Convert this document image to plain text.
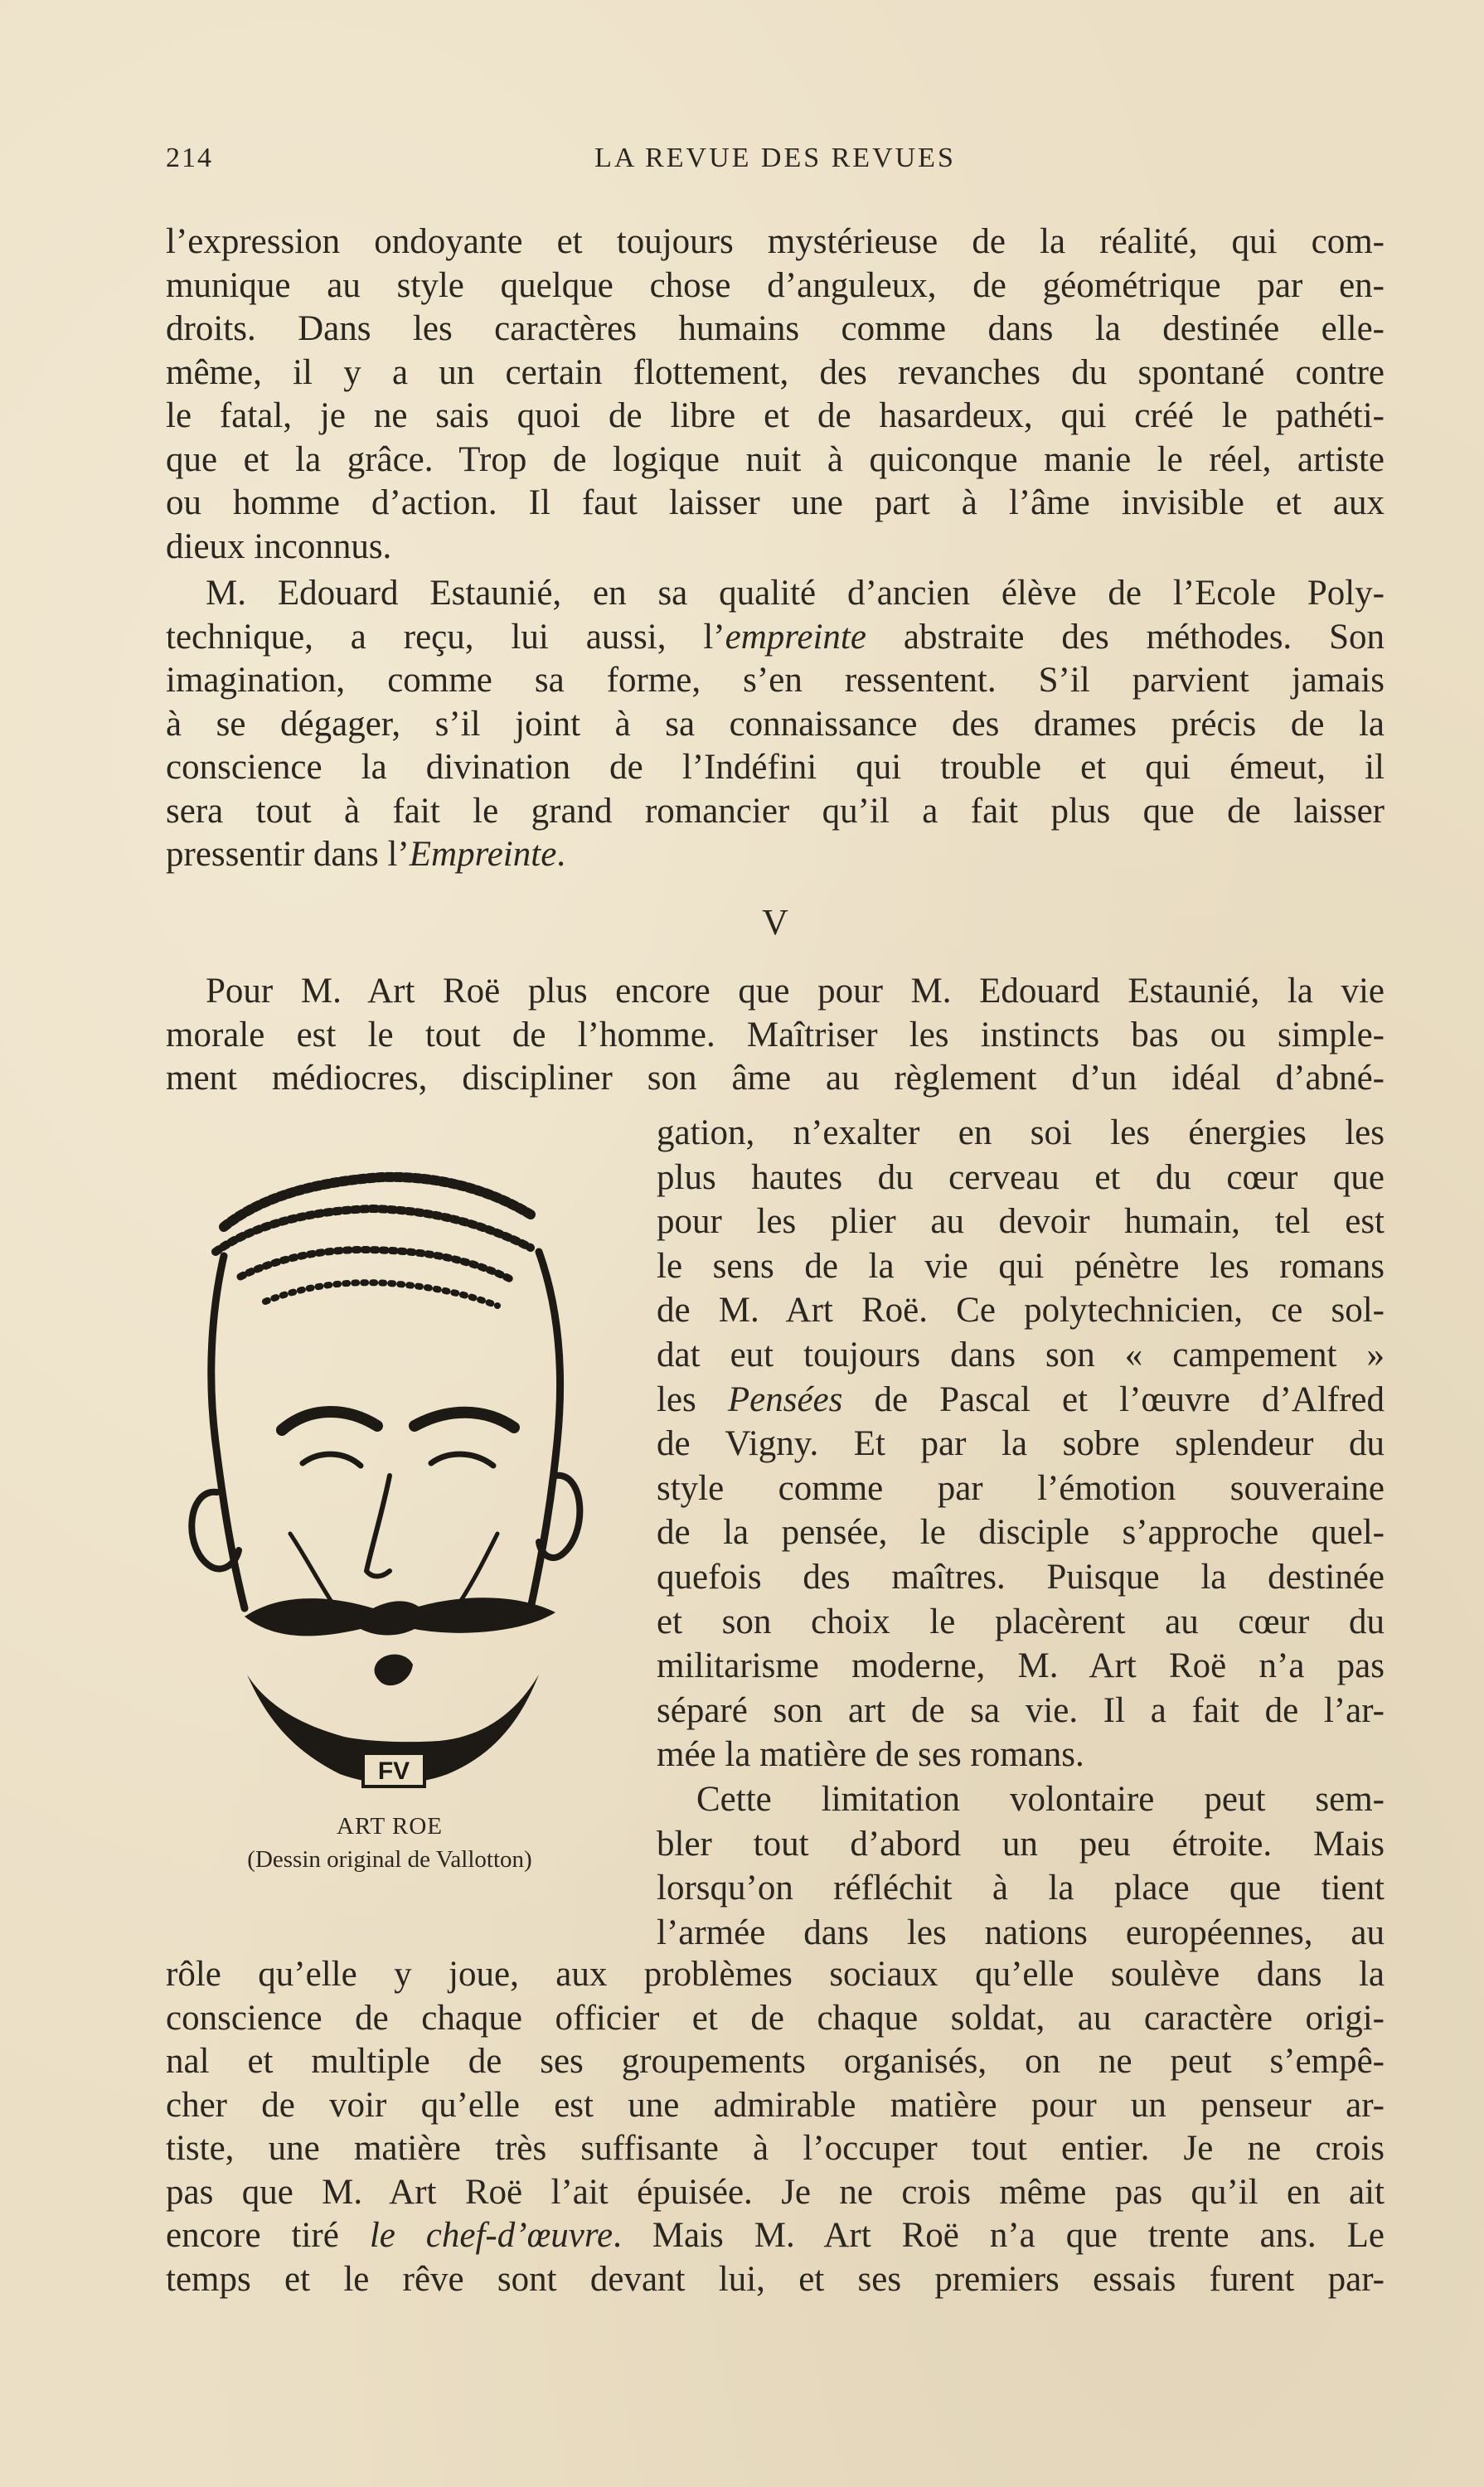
214	LA REVUE DES REVUES
l’expression ondoyante et toujours mystérieuse de la réalité, qui com-
munique au style quelque chose d’anguleux, de géométrique par en-
droits. Dans les caractères humains comme dans la destinée elle-
même, il y a un certain flottement, des revanches du spontané contre
le fatal, je ne sais quoi de libre et de hasardeux, qui créé le pathéti-
que et la grâce. Trop de logique nuit à quiconque manie le réel, artiste
ou homme d’action. Il faut laisser une part à l’âme invisible et aux
dieux inconnus.
M. Edouard Estaunié, en sa qualité d’ancien élève de l’Ecole Poly-
technique, a reçu, lui aussi, l’empreinte abstraite des méthodes. Son
imagination, comme sa forme, s’en ressentent. S’il parvient jamais
à se dégager, s’il joint à sa connaissance des drames précis de la
conscience la divination de l’Indéfini qui trouble et qui émeut, il
sera tout à fait le grand romancier qu’il a fait plus que de laisser
pressentir dans l’Empreinte.
V
Pour M. Art Roë plus encore que pour M. Edouard Estaunié, la vie
morale est le tout de l’homme. Maîtriser les instincts bas ou simple-
ment médiocres, discipliner son âme au règlement d’un idéal d’abné-
gation, n’exalter en soi les énergies les
plus hautes du cerveau et du cœur que
pour les plier au devoir humain, tel est
le sens de la vie qui pénètre les romans
de M. Art Roë. Ce polytechnicien, ce sol-
dat eut toujours dans son « campement »
les Pensées de Pascal et l’œuvre d’Alfred
de Vigny. Et par la sobre splendeur du
style comme par l’émotion souveraine
de la pensée, le disciple s’approche quel-
quefois des maîtres. Puisque la destinée
et son choix le placèrent au cœur du
militarisme moderne, M. Art Roë n’a pas
séparé son art de sa vie. Il a fait de l’ar-
mée la matière de ses romans.
Cette limitation volontaire peut sem-
bler tout d’abord un peu étroite. Mais
lorsqu’on réfléchit à la place que tient
l’armée dans les nations européennes, au
rôle qu’elle y joue, aux problèmes sociaux qu’elle soulève dans la
conscience de chaque officier et de chaque soldat, au caractère origi-
nal et multiple de ses groupements organisés, on ne peut s’empê-
cher de voir qu’elle est une admirable matière pour un penseur ar-
tiste, une matière très suffisante à l’occuper tout entier. Je ne crois
pas que M. Art Roë l’ait épuisée. Je ne crois même pas qu’il en ait
encore tiré le chef-d’œuvre. Mais M. Art Roë n’a que trente ans. Le
temps et le rêve sont devant lui, et ses premiers essais furent par-
FV
ART ROE
(Dessin original de Vallotton)
